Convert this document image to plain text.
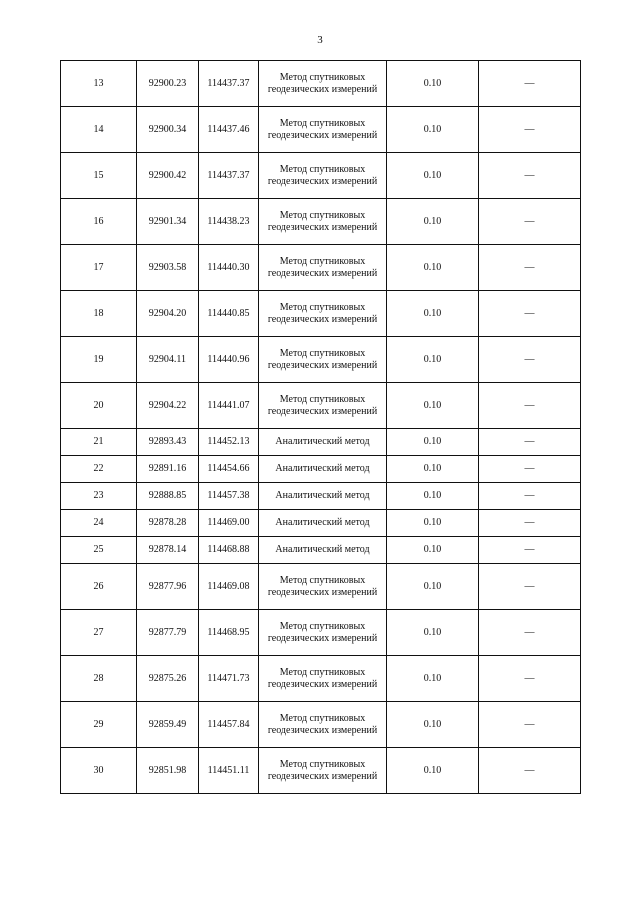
3
13	92900.23	114437.37	Метод спутниковых геодезических измерений	0.10	—
14	92900.34	114437.46	Метод спутниковых геодезических измерений	0.10	—
15	92900.42	114437.37	Метод спутниковых геодезических измерений	0.10	—
16	92901.34	114438.23	Метод спутниковых геодезических измерений	0.10	—
17	92903.58	114440.30	Метод спутниковых геодезических измерений	0.10	—
18	92904.20	114440.85	Метод спутниковых геодезических измерений	0.10	—
19	92904.11	114440.96	Метод спутниковых геодезических измерений	0.10	—
20	92904.22	114441.07	Метод спутниковых геодезических измерений	0.10	—
21	92893.43	114452.13	Аналитический метод	0.10	—
22	92891.16	114454.66	Аналитический метод	0.10	—
23	92888.85	114457.38	Аналитический метод	0.10	—
24	92878.28	114469.00	Аналитический метод	0.10	—
25	92878.14	114468.88	Аналитический метод	0.10	—
26	92877.96	114469.08	Метод спутниковых геодезических измерений	0.10	—
27	92877.79	114468.95	Метод спутниковых геодезических измерений	0.10	—
28	92875.26	114471.73	Метод спутниковых геодезических измерений	0.10	—
29	92859.49	114457.84	Метод спутниковых геодезических измерений	0.10	—
30	92851.98	114451.11	Метод спутниковых геодезических измерений	0.10	—
